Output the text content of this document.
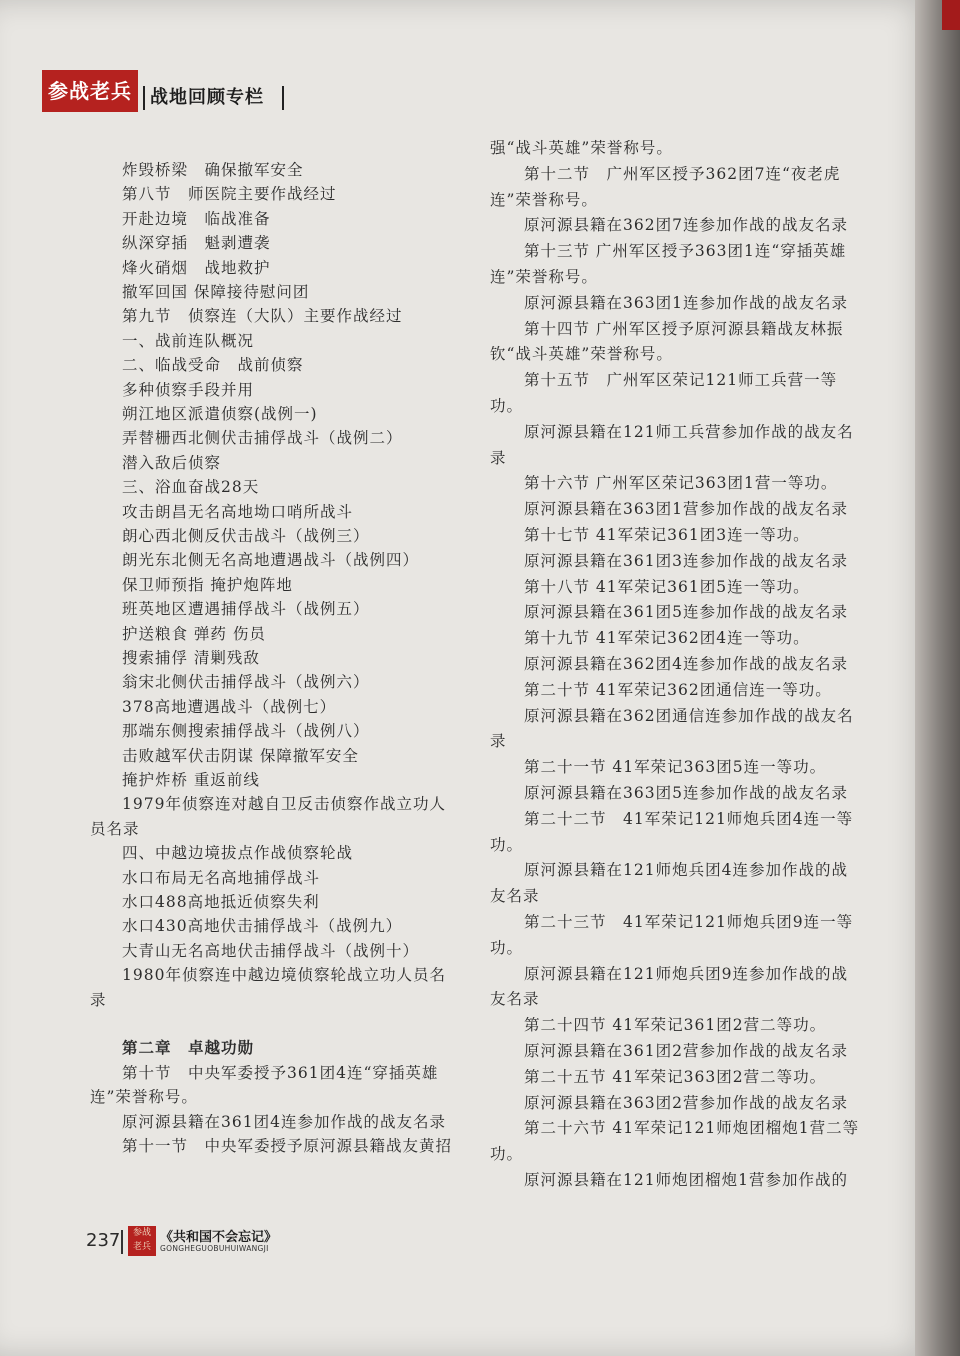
参战老兵	战地回顾专栏
炸毁桥梁　确保撤军安全
第八节　师医院主要作战经过
开赴边境　临战准备
纵深穿插　魁剥遭袭
烽火硝烟　战地救护
撤军回国 保障接待慰问团
第九节　侦察连（大队）主要作战经过
一、战前连队概况
二、临战受命　战前侦察
多种侦察手段并用
朔江地区派遣侦察(战例一)
弄替栅西北侧伏击捕俘战斗（战例二）
潜入敌后侦察
三、浴血奋战28天
攻击朗昌无名高地坳口哨所战斗
朗心西北侧反伏击战斗（战例三）
朗光东北侧无名高地遭遇战斗（战例四）
保卫师预指 掩护炮阵地
班英地区遭遇捕俘战斗（战例五）
护送粮食 弹药 伤员
搜索捕俘 清剿残敌
翁宋北侧伏击捕俘战斗（战例六）
378高地遭遇战斗（战例七）
那端东侧搜索捕俘战斗（战例八）
击败越军伏击阴谋 保障撤军安全
掩护炸桥 重返前线
1979年侦察连对越自卫反击侦察作战立功人
员名录
四、中越边境拔点作战侦察轮战
水口布局无名高地捕俘战斗
水口488高地抵近侦察失利
水口430高地伏击捕俘战斗（战例九）
大青山无名高地伏击捕俘战斗（战例十）
1980年侦察连中越边境侦察轮战立功人员名
录
第二章　卓越功勋
第十节　中央军委授予361团4连“穿插英雄
连”荣誉称号。
原河源县籍在361团4连参加作战的战友名录
第十一节　中央军委授予原河源县籍战友黄招
强“战斗英雄”荣誉称号。
第十二节　广州军区授予362团7连“夜老虎
连”荣誉称号。
原河源县籍在362团7连参加作战的战友名录
第十三节 广州军区授予363团1连“穿插英雄
连”荣誉称号。
原河源县籍在363团1连参加作战的战友名录
第十四节 广州军区授予原河源县籍战友林振
钦“战斗英雄”荣誉称号。
第十五节　广州军区荣记121师工兵营一等
功。
原河源县籍在121师工兵营参加作战的战友名
录
第十六节 广州军区荣记363团1营一等功。
原河源县籍在363团1营参加作战的战友名录
第十七节 41军荣记361团3连一等功。
原河源县籍在361团3连参加作战的战友名录
第十八节 41军荣记361团5连一等功。
原河源县籍在361团5连参加作战的战友名录
第十九节 41军荣记362团4连一等功。
原河源县籍在362团4连参加作战的战友名录
第二十节 41军荣记362团通信连一等功。
原河源县籍在362团通信连参加作战的战友名
录
第二十一节 41军荣记363团5连一等功。
原河源县籍在363团5连参加作战的战友名录
第二十二节　41军荣记121师炮兵团4连一等
功。
原河源县籍在121师炮兵团4连参加作战的战
友名录
第二十三节　41军荣记121师炮兵团9连一等
功。
原河源县籍在121师炮兵团9连参加作战的战
友名录
第二十四节 41军荣记361团2营二等功。
原河源县籍在361团2营参加作战的战友名录
第二十五节 41军荣记363团2营二等功。
原河源县籍在363团2营参加作战的战友名录
第二十六节 41军荣记121师炮团榴炮1营二等
功。
原河源县籍在121师炮团榴炮1营参加作战的
237	参战
老兵
《共和国不会忘记》
GONGHEGUOBUHUIWANGJI
